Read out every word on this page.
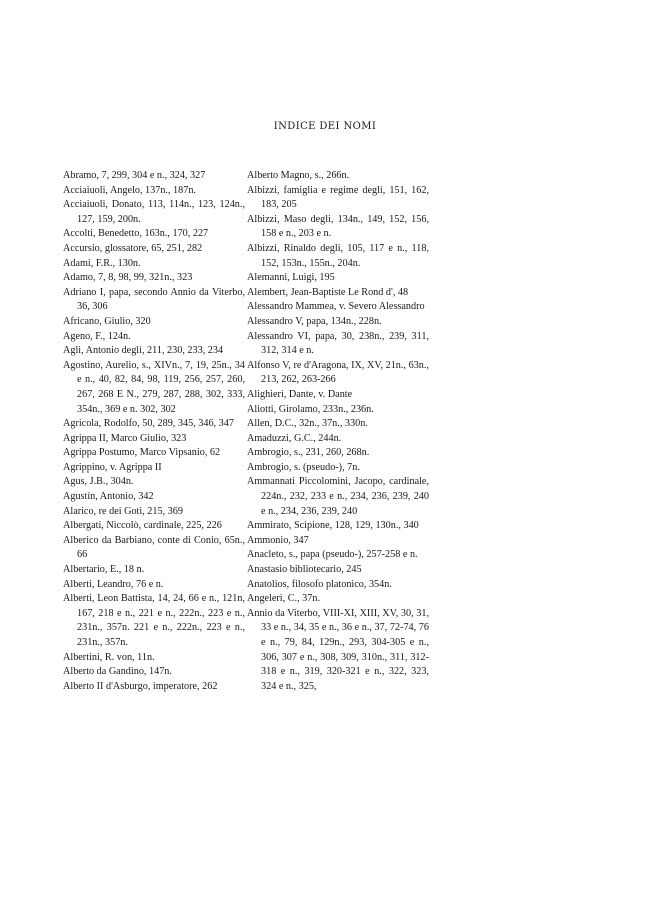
INDICE DEI NOMI
Abramo, 7, 299, 304 e n., 324, 327
Acciaiuoli, Angelo, 137n., 187n.
Acciaiuoli, Donato, 113, 114n., 123, 124n., 127, 159, 200n.
Accolti, Benedetto, 163n., 170, 227
Accursio, glossatore, 65, 251, 282
Adami, F.R., 130n.
Adamo, 7, 8, 98, 99, 321n., 323
Adriano I, papa, secondo Annio da Viterbo, 36, 306
Africano, Giulio, 320
Ageno, F., 124n.
Agli, Antonio degli, 211, 230, 233, 234
Agostino, Aurelio, s., XIVn., 7, 19, 25n., 34 e n., 40, 82, 84, 98, 119, 256, 257, 260, 267, 268 E N., 279, 287, 288, 302, 333, 354n., 369 e n. 302, 302
Agricola, Rodolfo, 50, 289, 345, 346, 347
Agrippa II, Marco Giulio, 323
Agrippa Postumo, Marco Vipsanio, 62
Agrippino, v. Agrippa II
Agus, J.B., 304n.
Agustín, Antonio, 342
Alarico, re dei Goti, 215, 369
Albergati, Niccolò, cardinale, 225, 226
Alberico da Barbiano, conte di Conio, 65n., 66
Albertario, E., 18 n.
Alberti, Leandro, 76 e n.
Alberti, Leon Battista, 14, 24, 66 e n., 121n, 167, 218 e n., 221 e n., 222n., 223 e n., 231n., 357n. 221 e n., 222n., 223 e n., 231n., 357n.
Albertini, R. von, 11n.
Alberto da Gandino, 147n.
Alberto II d'Asburgo, imperatore, 262
Alberto Magno, s., 266n.
Albizzi, famiglia e regime degli, 151, 162, 183, 205
Albizzi, Maso degli, 134n., 149, 152, 156, 158 e n., 203 e n.
Albizzi, Rinaldo degli, 105, 117 e n., 118, 152, 153n., 155n., 204n.
Alemanni, Luigi, 195
Alembert, Jean-Baptiste Le Rond d', 48
Alessandro Mammea, v. Severo Alessandro
Alessandro V, papa, 134n., 228n.
Alessandro VI, papa, 30, 238n., 239, 311, 312, 314 e n.
Alfonso V, re d'Aragona, IX, XV, 21n., 63n., 213, 262, 263-266
Alighieri, Dante, v. Dante
Aliotti, Girolamo, 233n., 236n.
Allen, D.C., 32n., 37n., 330n.
Amaduzzi, G.C., 244n.
Ambrogio, s., 231, 260, 268n.
Ambrogio, s. (pseudo-), 7n.
Ammannati Piccolomini, Jacopo, cardinale, 224n., 232, 233 e n., 234, 236, 239, 240 e n., 234, 236, 239, 240
Ammirato, Scipione, 128, 129, 130n., 340
Ammonio, 347
Anacleto, s., papa (pseudo-), 257-258 e n.
Anastasio bibliotecario, 245
Anatolios, filosofo platonico, 354n.
Angeleri, C., 37n.
Annio da Viterbo, VIII-XI, XIII, XV, 30, 31, 33 e n., 34, 35 e n., 36 e n., 37, 72-74, 76 e n., 79, 84, 129n., 293, 304-305 e n., 306, 307 e n., 308, 309, 310n., 311, 312-318 e n., 319, 320-321 e n., 322, 323, 324 e n., 325,
